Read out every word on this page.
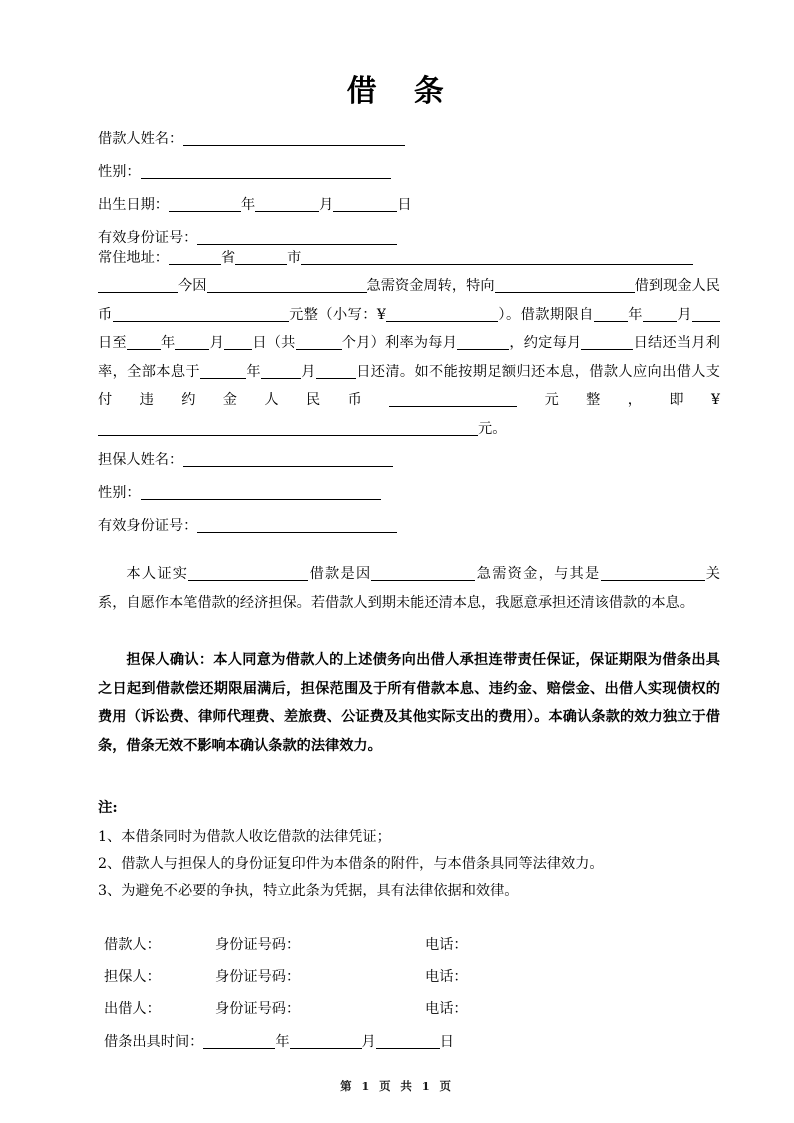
借　条
借款人姓名：
性别：
出生日期：	年	月	日
有效身份证号：
常住地址：	省	市
今因	急需资金周转，特向	借到现金人民币	元整（小写：¥	）。借款期限自 年 月日至 年 月 日（共	个月）利率为每月	，约定每月	日结还当月利率，全部本息于	年	月	日还清。如不能按期足额归还本息，借款人应向出借人支付违约金人民币	元整，即¥元。
担保人姓名：
性别：
有效身份证号：
本人证实	借款是因	急需资金，与其是	关系，自愿作本笔借款的经济担保。若借款人到期未能还清本息，我愿意承担还清该借款的本息。
担保人确认：本人同意为借款人的上述债务向出借人承担连带责任保证，保证期限为借条出具之日起到借款偿还期限届满后，担保范围及于所有借款本息、违约金、赔偿金、出借人实现债权的费用（诉讼费、律师代理费、差旅费、公证费及其他实际支出的费用）。本确认条款的效力独立于借条，借条无效不影响本确认条款的法律效力。
注:
1、本借条同时为借款人收讫借款的法律凭证；
2、借款人与担保人的身份证复印件为本借条的附件，与本借条具同等法律效力。
3、为避免不必要的争执，特立此条为凭据，具有法律依据和效律。
借款人：	身份证号码：	电话：
担保人：	身份证号码：	电话：
出借人：	身份证号码：	电话：
借条出具时间：	年	月	日
第 1 页 共 1 页
